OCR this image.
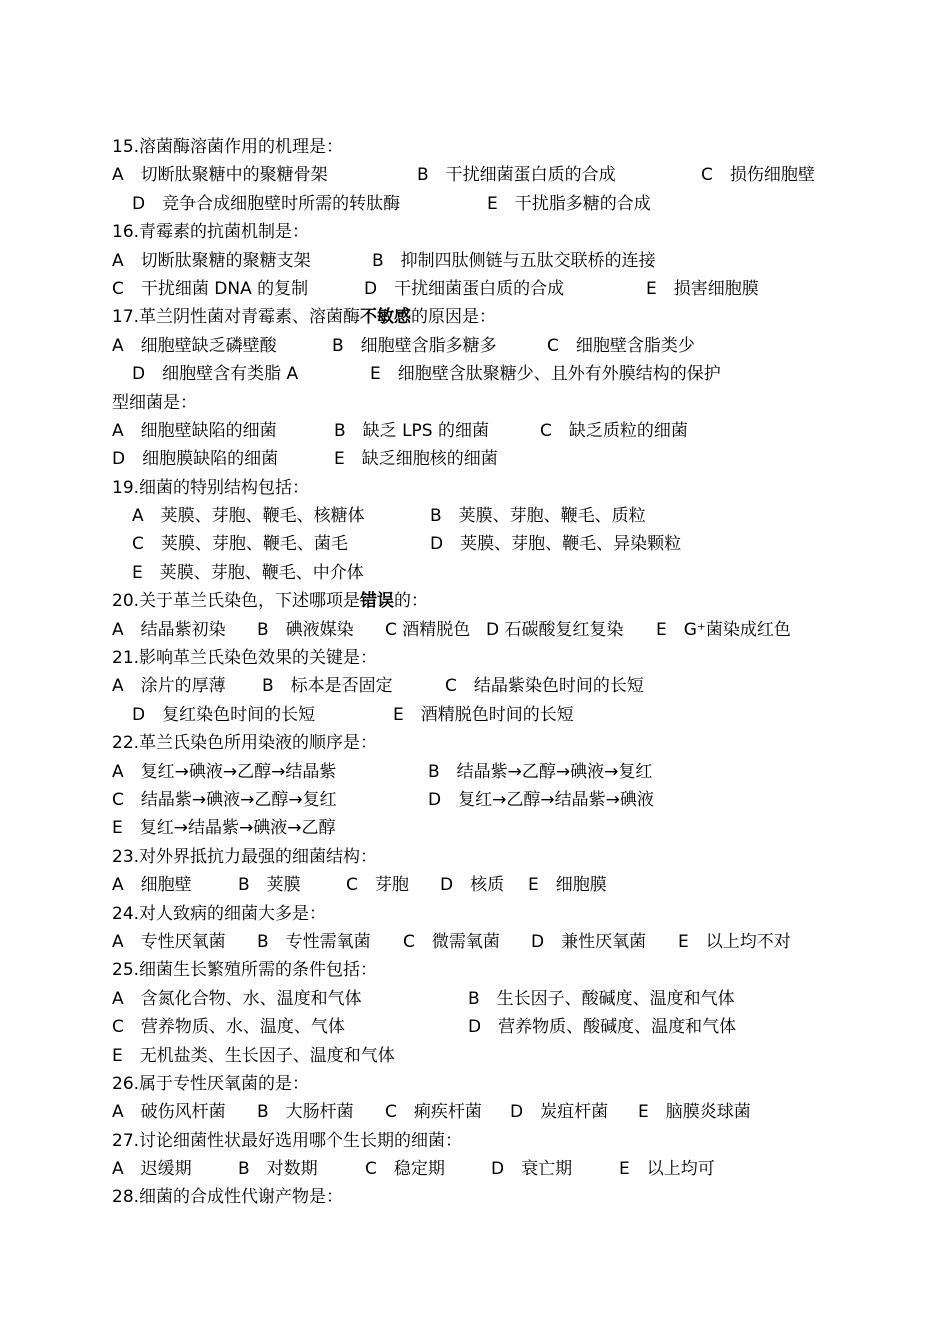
15.溶菌酶溶菌作用的机理是：
A　切断肽聚糖中的聚糖骨架	B　干扰细菌蛋白质的合成	C　损伤细胞壁
D　竞争合成细胞壁时所需的转肽酶	E　干扰脂多糖的合成
16.青霉素的抗菌机制是：
A　切断肽聚糖的聚糖支架	B　抑制四肽侧链与五肽交联桥的连接
C　干扰细菌 DNA 的复制	D　干扰细菌蛋白质的合成	E　损害细胞膜
17.革兰阴性菌对青霉素、溶菌酶不敏感的原因是：
A　细胞壁缺乏磷壁酸	B　细胞壁含脂多糖多	C　细胞壁含脂类少
D　细胞壁含有类脂 A	E　细胞壁含肽聚糖少、且外有外膜结构的保护
型细菌是：
A　细胞壁缺陷的细菌	B　缺乏 LPS 的细菌	C　缺乏质粒的细菌
D　细胞膜缺陷的细菌	E　缺乏细胞核的细菌
19.细菌的特别结构包括：
A　荚膜、芽胞、鞭毛、核糖体	B　荚膜、芽胞、鞭毛、质粒
C　荚膜、芽胞、鞭毛、菌毛	D　荚膜、芽胞、鞭毛、异染颗粒
E　荚膜、芽胞、鞭毛、中介体
20.关于革兰氏染色，下述哪项是错误的：
A　结晶紫初染 B　碘液媒染 C 酒精脱色 D 石碳酸复红复染 E　G⁺菌染成红色
21.影响革兰氏染色效果的关键是：
A　涂片的厚薄 B　标本是否固定	C　结晶紫染色时间的长短
D　复红染色时间的长短	E　酒精脱色时间的长短
22.革兰氏染色所用染液的顺序是：
A　复红→碘液→乙醇→结晶紫	B　结晶紫→乙醇→碘液→复红
C　结晶紫→碘液→乙醇→复红	D　复红→乙醇→结晶紫→碘液
E　复红→结晶紫→碘液→乙醇
23.对外界抵抗力最强的细菌结构：
A　细胞壁	B　荚膜	C　芽胞 D　核质 E　细胞膜
24.对人致病的细菌大多是：
A　专性厌氧菌 B　专性需氧菌 C　微需氧菌 D　兼性厌氧菌 E　以上均不对
25.细菌生长繁殖所需的条件包括：
A　含氮化合物、水、温度和气体	B　生长因子、酸碱度、温度和气体
C　营养物质、水、温度、气体	D　营养物质、酸碱度、温度和气体
E　无机盐类、生长因子、温度和气体
26.属于专性厌氧菌的是：
A　破伤风杆菌 B　大肠杆菌 C　痢疾杆菌 D　炭疽杆菌 E　脑膜炎球菌
27.讨论细菌性状最好选用哪个生长期的细菌：
A　迟缓期	B　对数期	C　稳定期	D　衰亡期	E　以上均可
28.细菌的合成性代谢产物是：
